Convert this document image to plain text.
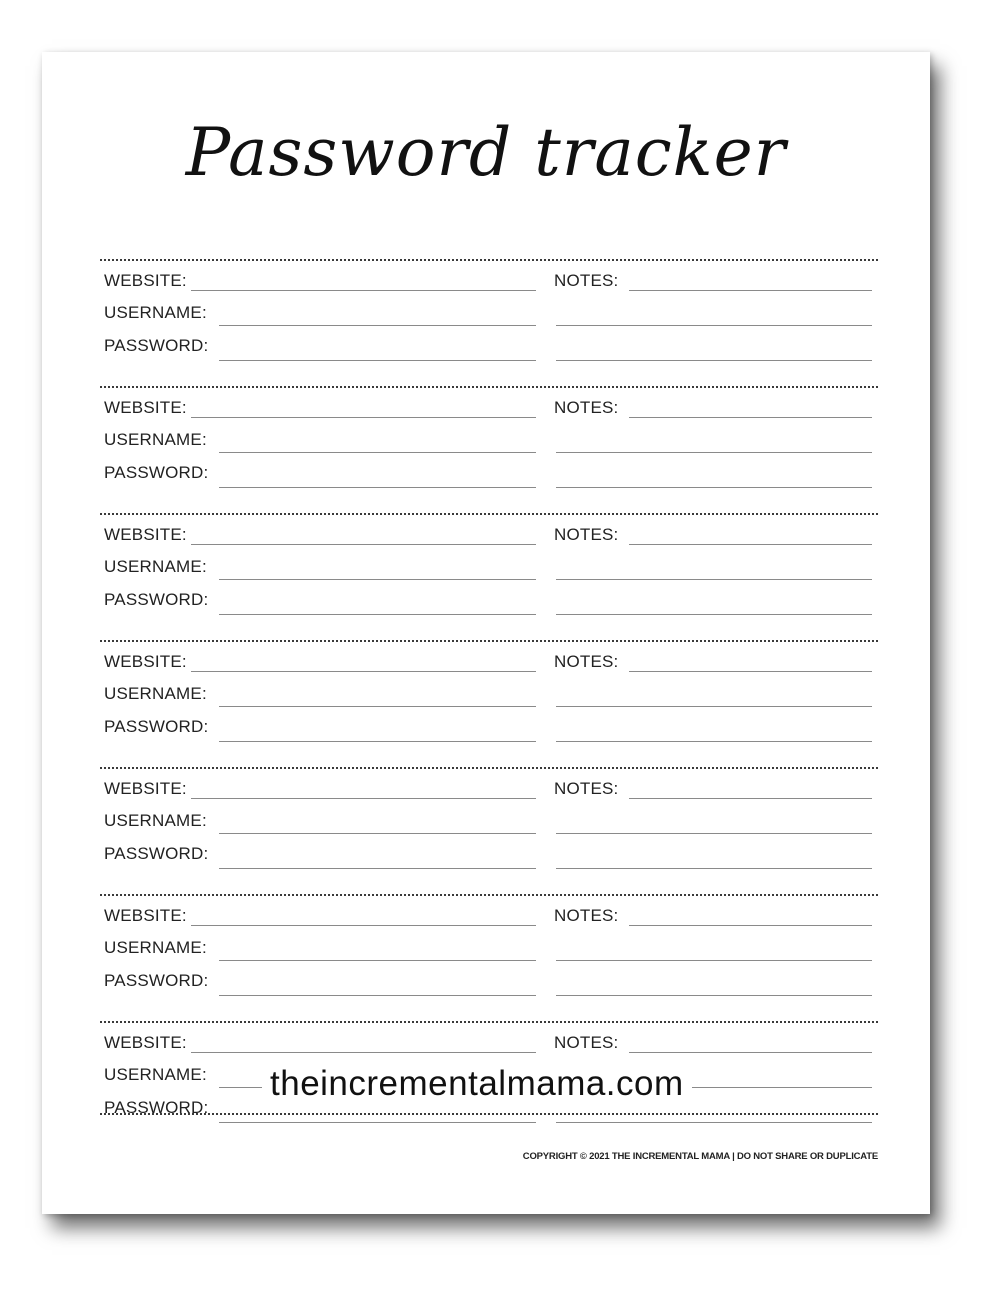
Password tracker
WEBSITE:
USERNAME:
PASSWORD:
NOTES:
WEBSITE:
USERNAME:
PASSWORD:
NOTES:
WEBSITE:
USERNAME:
PASSWORD:
NOTES:
WEBSITE:
USERNAME:
PASSWORD:
NOTES:
WEBSITE:
USERNAME:
PASSWORD:
NOTES:
WEBSITE:
USERNAME:
PASSWORD:
NOTES:
WEBSITE:
USERNAME:
PASSWORD:
NOTES:
theincrementalmama.com
COPYRIGHT © 2021 THE INCREMENTAL MAMA | DO NOT SHARE OR DUPLICATE
